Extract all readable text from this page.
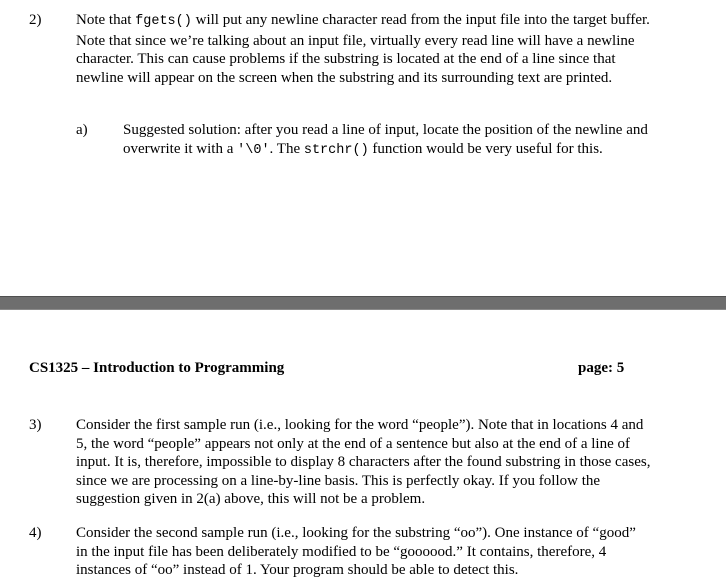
2) Note that fgets() will put any newline character read from the input file into the target buffer. Note that since we’re talking about an input file, virtually every read line will have a newline character. This can cause problems if the substring is located at the end of a line since that newline will appear on the screen when the substring and its surrounding text are printed.
a) Suggested solution: after you read a line of input, locate the position of the newline and overwrite it with a '\0'. The strchr() function would be very useful for this.
CS1325 – Introduction to Programming	page: 5
3) Consider the first sample run (i.e., looking for the word “people”). Note that in locations 4 and 5, the word “people” appears not only at the end of a sentence but also at the end of a line of input. It is, therefore, impossible to display 8 characters after the found substring in those cases, since we are processing on a line-by-line basis. This is perfectly okay. If you follow the suggestion given in 2(a) above, this will not be a problem.
4) Consider the second sample run (i.e., looking for the substring “oo”). One instance of “good” in the input file has been deliberately modified to be “goooood.” It contains, therefore, 4 instances of “oo” instead of 1. Your program should be able to detect this.
